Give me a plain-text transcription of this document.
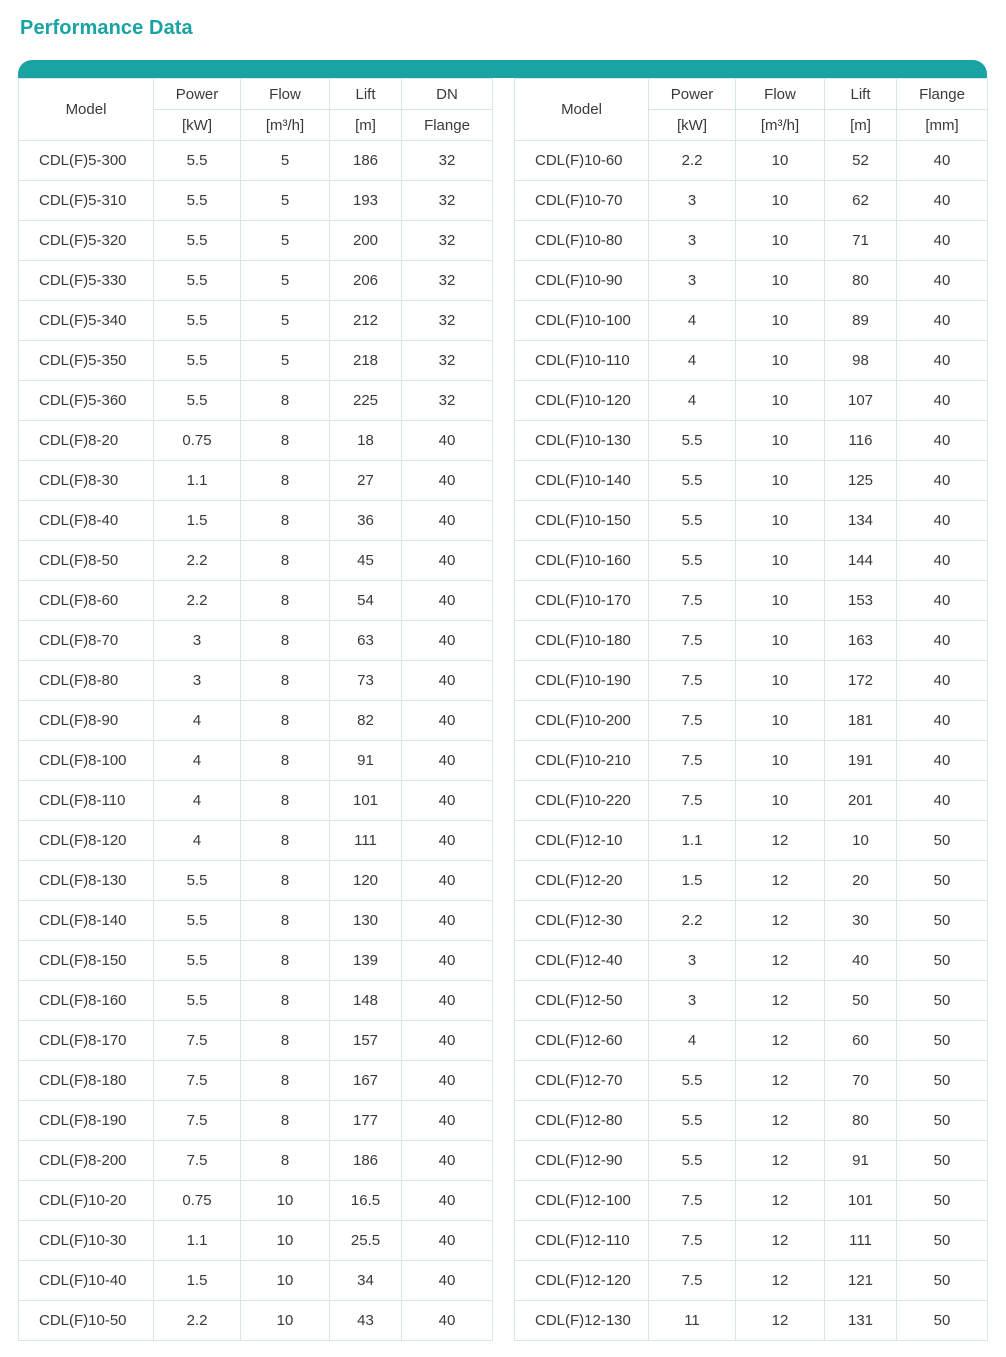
Performance Data
Model	Power	Flow	Lift	DN
	[kW]	[m³/h]	[m]	Flange
CDL(F)5-300	5.5	5	186	32
CDL(F)5-310	5.5	5	193	32
CDL(F)5-320	5.5	5	200	32
CDL(F)5-330	5.5	5	206	32
CDL(F)5-340	5.5	5	212	32
CDL(F)5-350	5.5	5	218	32
CDL(F)5-360	5.5	8	225	32
CDL(F)8-20	0.75	8	18	40
CDL(F)8-30	1.1	8	27	40
CDL(F)8-40	1.5	8	36	40
CDL(F)8-50	2.2	8	45	40
CDL(F)8-60	2.2	8	54	40
CDL(F)8-70	3	8	63	40
CDL(F)8-80	3	8	73	40
CDL(F)8-90	4	8	82	40
CDL(F)8-100	4	8	91	40
CDL(F)8-110	4	8	101	40
CDL(F)8-120	4	8	111	40
CDL(F)8-130	5.5	8	120	40
CDL(F)8-140	5.5	8	130	40
CDL(F)8-150	5.5	8	139	40
CDL(F)8-160	5.5	8	148	40
CDL(F)8-170	7.5	8	157	40
CDL(F)8-180	7.5	8	167	40
CDL(F)8-190	7.5	8	177	40
CDL(F)8-200	7.5	8	186	40
CDL(F)10-20	0.75	10	16.5	40
CDL(F)10-30	1.1	10	25.5	40
CDL(F)10-40	1.5	10	34	40
CDL(F)10-50	2.2	10	43	40
Model	Power	Flow	Lift	Flange
	[kW]	[m³/h]	[m]	[mm]
CDL(F)10-60	2.2	10	52	40
CDL(F)10-70	3	10	62	40
CDL(F)10-80	3	10	71	40
CDL(F)10-90	3	10	80	40
CDL(F)10-100	4	10	89	40
CDL(F)10-110	4	10	98	40
CDL(F)10-120	4	10	107	40
CDL(F)10-130	5.5	10	116	40
CDL(F)10-140	5.5	10	125	40
CDL(F)10-150	5.5	10	134	40
CDL(F)10-160	5.5	10	144	40
CDL(F)10-170	7.5	10	153	40
CDL(F)10-180	7.5	10	163	40
CDL(F)10-190	7.5	10	172	40
CDL(F)10-200	7.5	10	181	40
CDL(F)10-210	7.5	10	191	40
CDL(F)10-220	7.5	10	201	40
CDL(F)12-10	1.1	12	10	50
CDL(F)12-20	1.5	12	20	50
CDL(F)12-30	2.2	12	30	50
CDL(F)12-40	3	12	40	50
CDL(F)12-50	3	12	50	50
CDL(F)12-60	4	12	60	50
CDL(F)12-70	5.5	12	70	50
CDL(F)12-80	5.5	12	80	50
CDL(F)12-90	5.5	12	91	50
CDL(F)12-100	7.5	12	101	50
CDL(F)12-110	7.5	12	111	50
CDL(F)12-120	7.5	12	121	50
CDL(F)12-130	11	12	131	50
